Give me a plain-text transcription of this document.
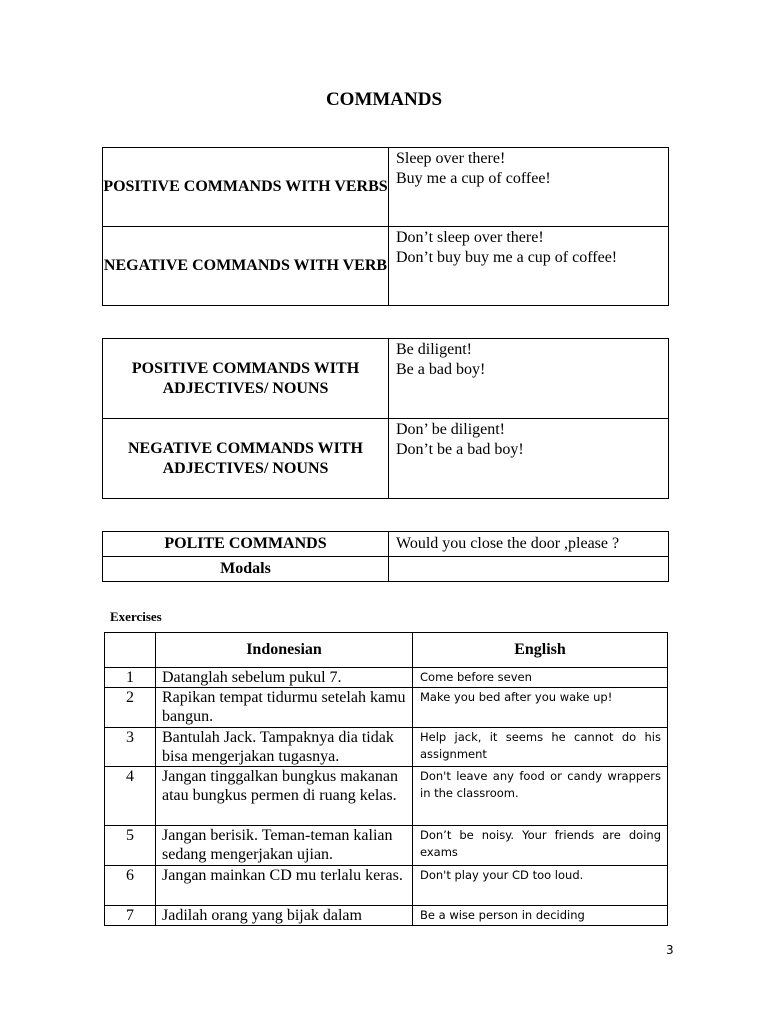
COMMANDS
POSITIVE COMMANDS WITH VERBS	Sleep over there!
Buy me a cup of coffee!

NEGATIVE COMMANDS WITH VERB	Don’t sleep over there!
Don’t buy buy me a cup of coffee!
POSITIVE COMMANDS WITH ADJECTIVES/ NOUNS	Be diligent!
Be a bad boy!

NEGATIVE COMMANDS WITH ADJECTIVES/ NOUNS	Don’ be diligent!
Don’t be a bad boy!
POLITE COMMANDS	Would you close the door ,please ?
Modals	
Exercises
	Indonesian	English
1	Datanglah sebelum pukul 7.	Come before seven
2	Rapikan tempat tidurmu setelah kamu bangun.	Make you bed after you wake up!
3	Bantulah Jack. Tampaknya dia tidak bisa mengerjakan tugasnya.	Help jack, it seems he cannot do his assignment
4	Jangan tinggalkan bungkus makanan atau bungkus permen di ruang kelas.	Don't leave any food or candy wrappers in the classroom.
5	Jangan berisik. Teman-teman kalian sedang mengerjakan ujian.	Don’t be noisy. Your friends are doing exams
6	Jangan mainkan CD mu terlalu keras.	Don't play your CD too loud.
7	Jadilah orang yang bijak dalam	Be a wise person in deciding
3
